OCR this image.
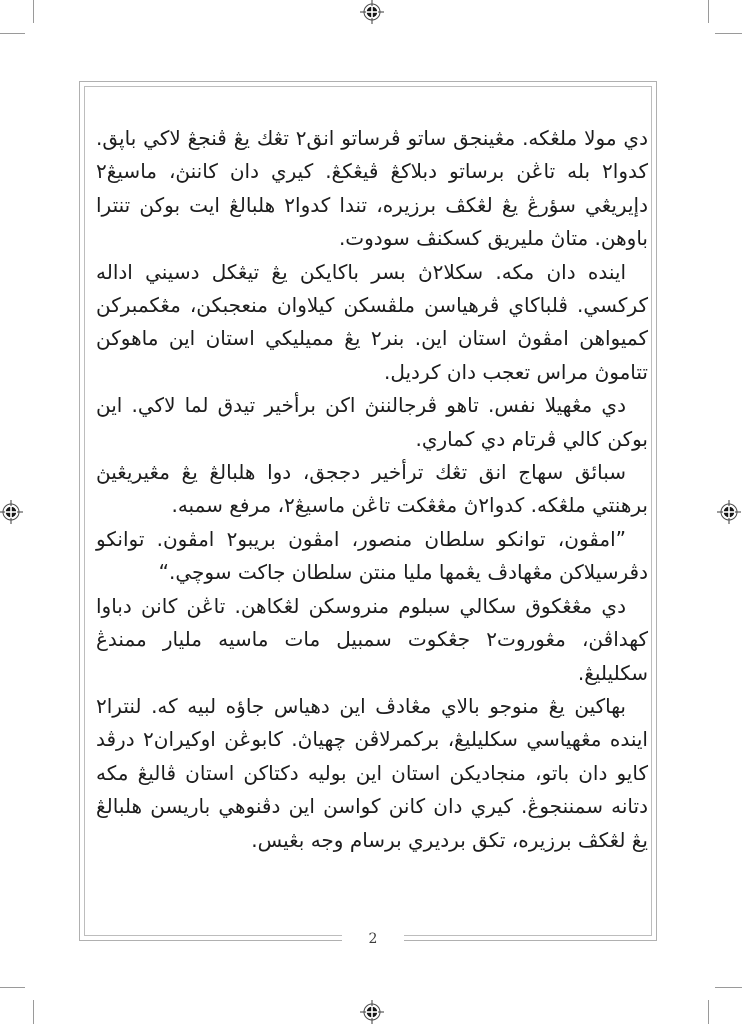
دي مولا ملڠكه. مڠينجق ساتو ڤرساتو انق٢ تڠك يڠ ڤنجڠ لاكي باڽق. كدوا٢ بله تاڠن برساتو دبلاكڠ ڤيڠكڠ. كيري دان كاننڽ، ماسيڠ٢ دإيريڠي سؤرڠ يڠ لڠكڤ برزيره، تندا كدوا٢ هلبالڠ ايت بوكن تنترا باوهن. متاڽ مليريق كسكنڤ سودوت.

اينده دان مكه. سكلا٢ڽ بسر باكايكن يڠ تيڠكل دسيني اداله كركسي. ڤلباكاي ڤرهياسن ملڤسكن كيلاوان منعجبكن، مڠكمبركن كميواهن امڤوڽ استان اين. بنر٢ يڠ مميليكي استان اين ماهوكن تتاموڽ مراس تعجب دان كرديل.

دي مڠهيلا نفس. تاهو ڤرجالننڽ اكن برأخير تيدق لما لاكي. اين بوكن كالي ڤرتام دي كماري.

سبائق سهاج انق تڠك ترأخير دججق، دوا هلبالڠ يڠ مڠيريڠيڽ برهنتي ملڠكه. كدوا٢ڽ مڠڠكت تاڠن ماسيڠ٢، مرفع سمبه.

”امڤون، توانكو سلطان منصور، امڤون بريبو٢ امڤون. توانكو دڤرسيلاكن مڠهادڤ يڠمها مليا منتن سلطان جاكت سوچي.“

دي مڠڠكوق سكالي سبلوم منروسكن لڠكاهن. تاڠن كانن دباوا كهداڤن، مڠوروت٢ جڠكوت سمبيل مات ماسيه مليار ممندڠ سكليليڠ.

بهاكين يڠ منوجو بالاي مڠادڤ اين دهياس جاؤه لبيه كه. لنترا٢ اينده مڠهياسي سكليليڠ، بركمرلاڤن چهياڽ. كابوڠن اوكيران٢ درڤد كايو دان باتو، منجاديكن استان اين بوليه دكتاكن استان ڤاليڠ مكه دتانه سمننجوڠ. كيري دان كانن كواسن اين دڤنوهي باريسن هلبالڠ يڠ لڠكڤ برزيره، تكق برديري برسام وجه بڠيس.

2
